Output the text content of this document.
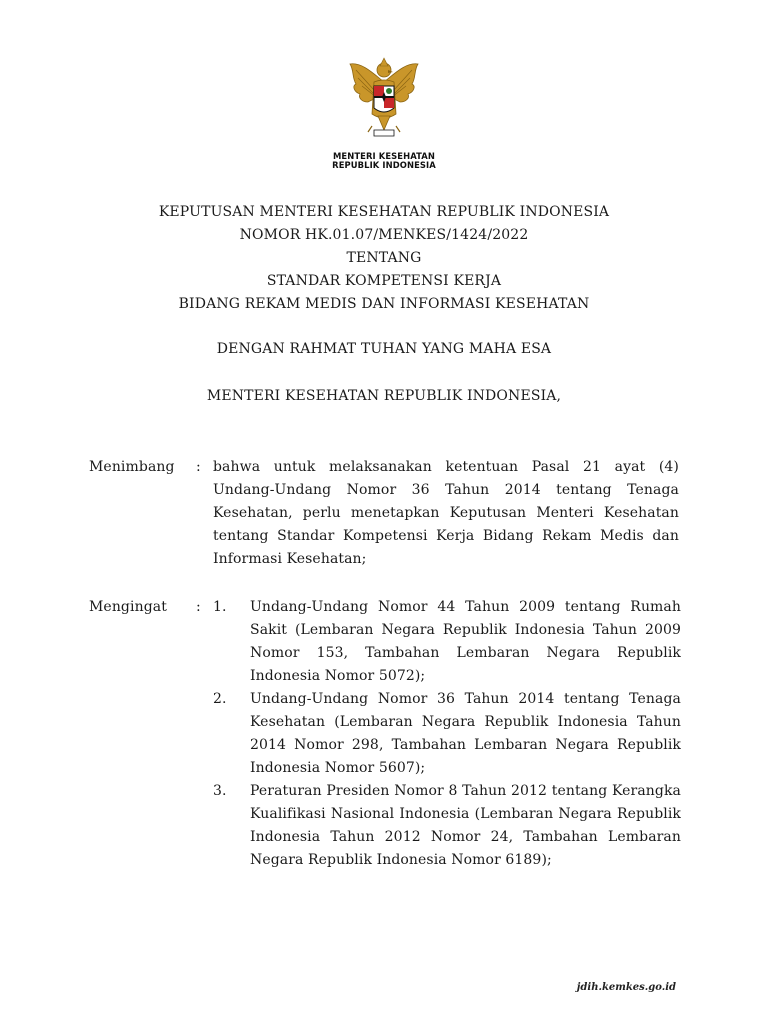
MENTERI KESEHATAN
REPUBLIK INDONESIA
KEPUTUSAN MENTERI KESEHATAN REPUBLIK INDONESIA
NOMOR HK.01.07/MENKES/1424/2022
TENTANG
STANDAR KOMPETENSI KERJA
BIDANG REKAM MEDIS DAN INFORMASI KESEHATAN
DENGAN RAHMAT TUHAN YANG MAHA ESA
MENTERI KESEHATAN REPUBLIK INDONESIA,
Menimbang : bahwa untuk melaksanakan ketentuan Pasal 21 ayat (4) Undang-Undang Nomor 36 Tahun 2014 tentang Tenaga Kesehatan, perlu menetapkan Keputusan Menteri Kesehatan tentang Standar Kompetensi Kerja Bidang Rekam Medis dan Informasi Kesehatan;
Mengingat : 1. Undang-Undang Nomor 44 Tahun 2009 tentang Rumah Sakit (Lembaran Negara Republik Indonesia Tahun 2009 Nomor 153, Tambahan Lembaran Negara Republik Indonesia Nomor 5072);
2. Undang-Undang Nomor 36 Tahun 2014 tentang Tenaga Kesehatan (Lembaran Negara Republik Indonesia Tahun 2014 Nomor 298, Tambahan Lembaran Negara Republik Indonesia Nomor 5607);
3. Peraturan Presiden Nomor 8 Tahun 2012 tentang Kerangka Kualifikasi Nasional Indonesia (Lembaran Negara Republik Indonesia Tahun 2012 Nomor 24, Tambahan Lembaran Negara Republik Indonesia Nomor 6189);
jdih.kemkes.go.id
